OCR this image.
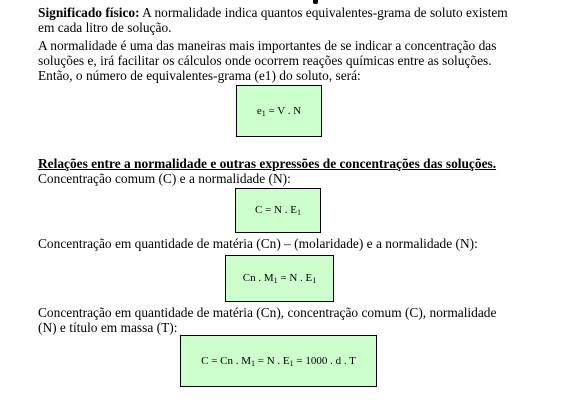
Significado físico: A normalidade indica quantos equivalentes-grama de soluto existem
em cada litro de solução.
A normalidade é uma das maneiras mais importantes de se indicar a concentração das
soluções e, irá facilitar os cálculos onde ocorrem reações químicas entre as soluções.
Então, o número de equivalentes-grama (e1) do soluto, será:
$e_1 = V$ . N
Relações entre a normalidade e outras expressões de concentrações das soluções.
Concentração comum (C) e a normalidade (N):
C = N . $E_1$
Concentração em quantidade de matéria (Cn) – (molaridade) e a normalidade (N):
Cn . $M_1 = N$ . $E_1$
Concentração em quantidade de matéria (Cn), concentração comum (C), normalidade
(N) e título em massa (T):
C = Cn . $M_1 = N$ . $E_1 = 1000$ . d . T
